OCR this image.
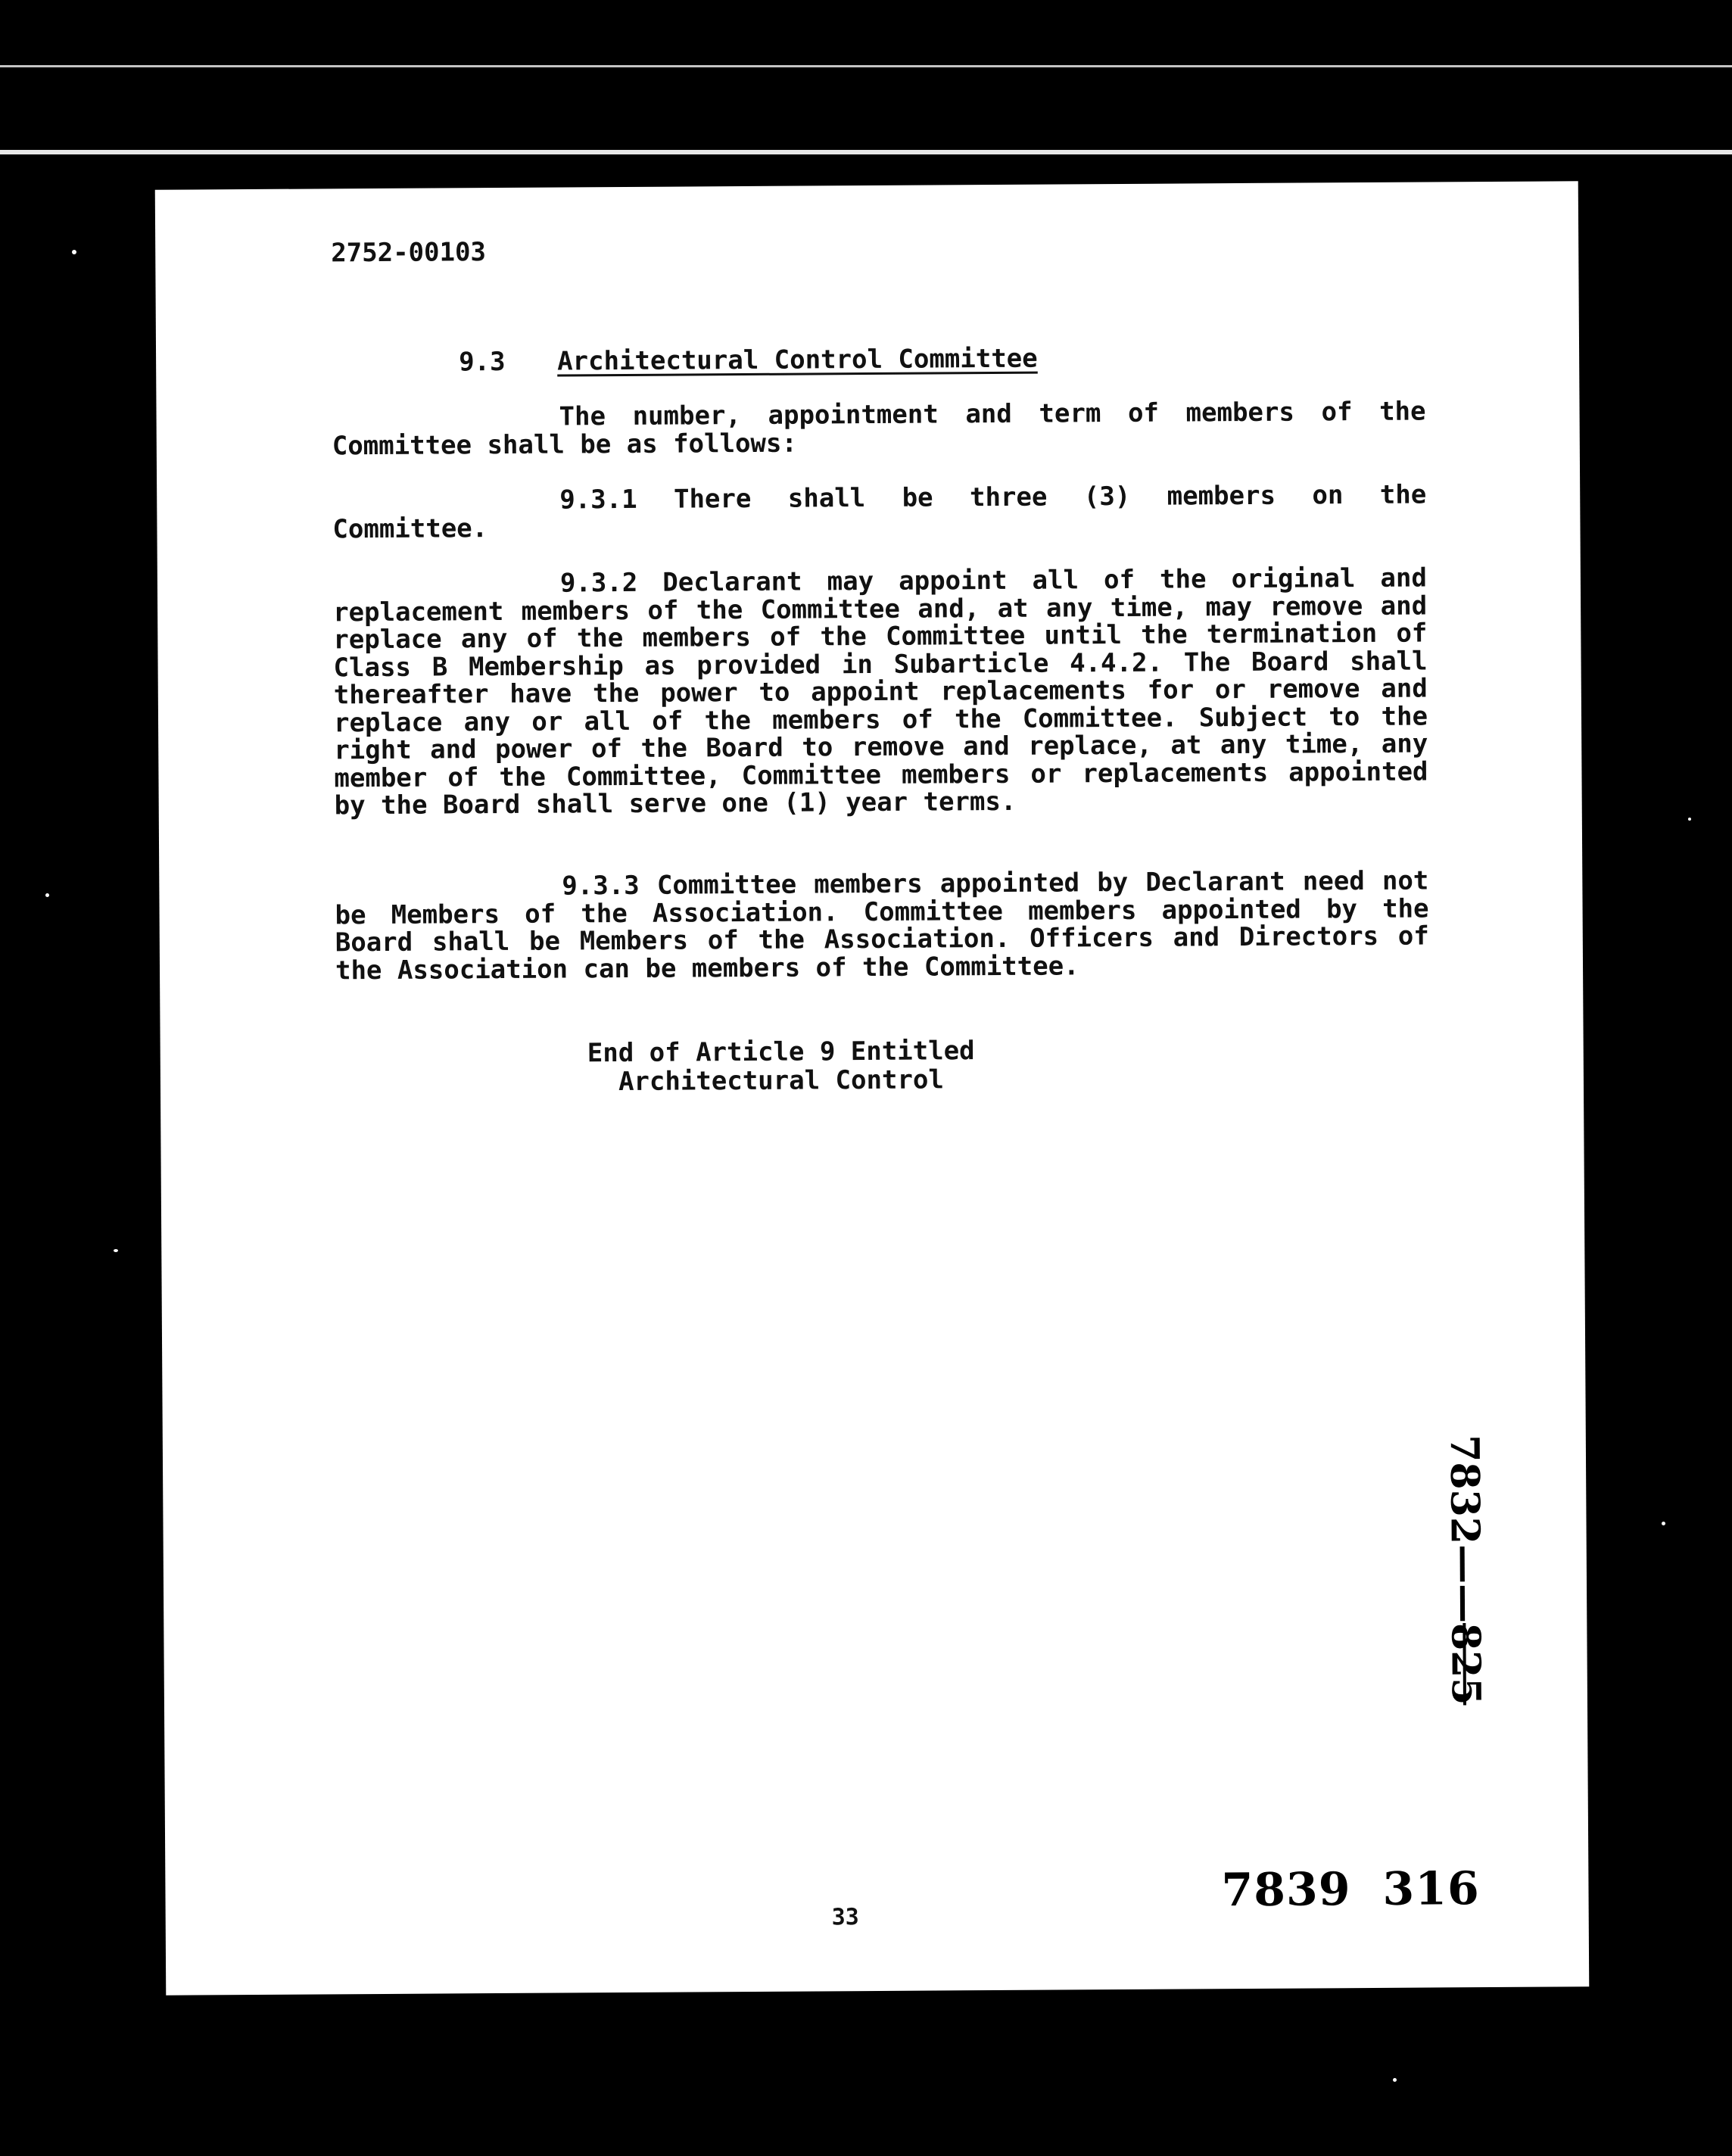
2752-00103
9.3 Architectural Control Committee
The number, appointment and term of members of the Committee shall be as follows:
9.3.1 There shall be three (3) members on the Committee.
9.3.2 Declarant may appoint all of the original and replacement members of the Committee and, at any time, may remove and replace any of the members of the Committee until the termination of Class B Membership as provided in Subarticle 4.4.2. The Board shall thereafter have the power to appoint replacements for or remove and replace any or all of the members of the Committee. Subject to the right and power of the Board to remove and replace, at any time, any member of the Committee, Committee members or replacements appointed by the Board shall serve one (1) year terms.
9.3.3 Committee members appointed by Declarant need not be Members of the Association. Committee members appointed by the Board shall be Members of the Association. Officers and Directors of the Association can be members of the Committee.
End of Article 9 Entitled
Architectural Control
7832——825
33
7839 316
